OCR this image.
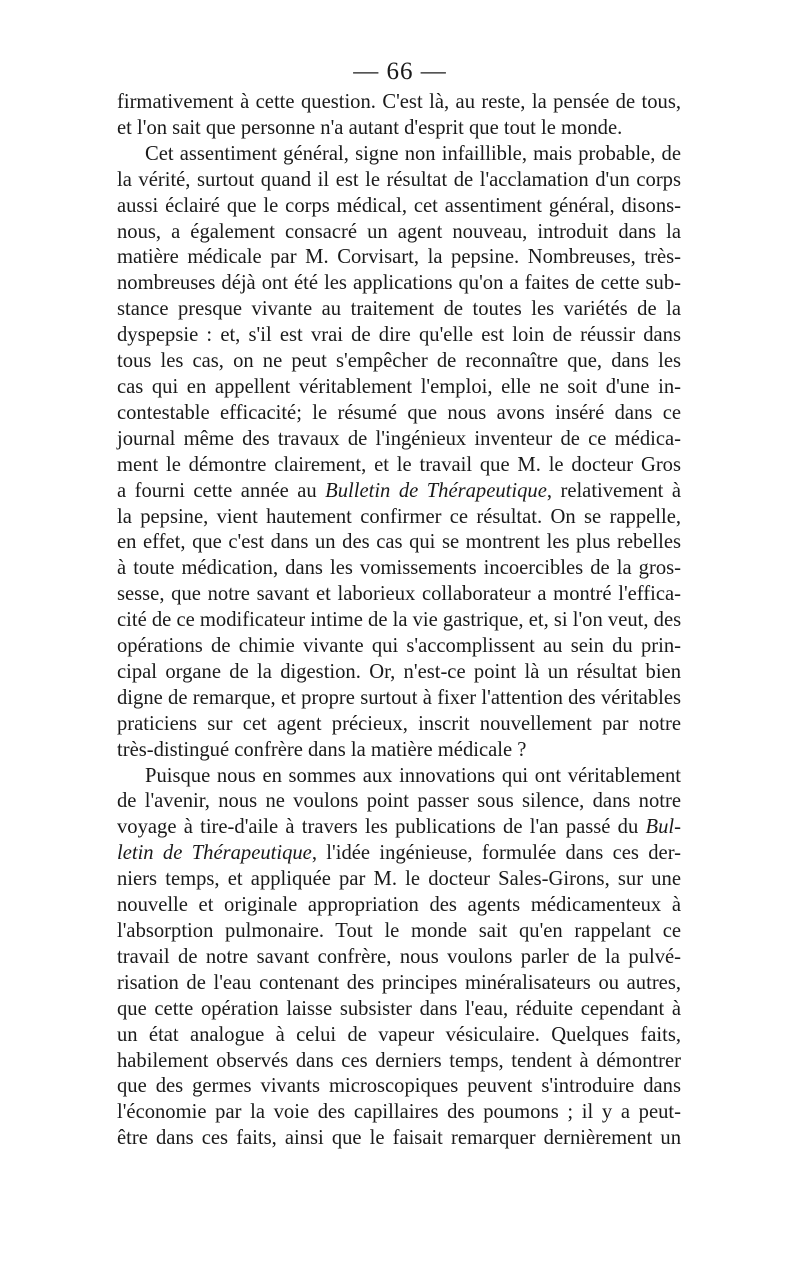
— 66 —
firmativement à cette question. C'est là, au reste, la pensée de tous,
et l'on sait que personne n'a autant d'esprit que tout le monde.
Cet assentiment général, signe non infaillible, mais probable, de
la vérité, surtout quand il est le résultat de l'acclamation d'un corps
aussi éclairé que le corps médical, cet assentiment général, disons-
nous, a également consacré un agent nouveau, introduit dans la
matière médicale par M. Corvisart, la pepsine. Nombreuses, très-
nombreuses déjà ont été les applications qu'on a faites de cette sub-
stance presque vivante au traitement de toutes les variétés de la
dyspepsie : et, s'il est vrai de dire qu'elle est loin de réussir dans
tous les cas, on ne peut s'empêcher de reconnaître que, dans les
cas qui en appellent véritablement l'emploi, elle ne soit d'une in-
contestable efficacité; le résumé que nous avons inséré dans ce
journal même des travaux de l'ingénieux inventeur de ce médica-
ment le démontre clairement, et le travail que M. le docteur Gros
a fourni cette année au Bulletin de Thérapeutique, relativement à
la pepsine, vient hautement confirmer ce résultat. On se rappelle,
en effet, que c'est dans un des cas qui se montrent les plus rebelles
à toute médication, dans les vomissements incoercibles de la gros-
sesse, que notre savant et laborieux collaborateur a montré l'effica-
cité de ce modificateur intime de la vie gastrique, et, si l'on veut, des
opérations de chimie vivante qui s'accomplissent au sein du prin-
cipal organe de la digestion. Or, n'est-ce point là un résultat bien
digne de remarque, et propre surtout à fixer l'attention des véritables
praticiens sur cet agent précieux, inscrit nouvellement par notre
très-distingué confrère dans la matière médicale ?
Puisque nous en sommes aux innovations qui ont véritablement
de l'avenir, nous ne voulons point passer sous silence, dans notre
voyage à tire-d'aile à travers les publications de l'an passé du Bul-
letin de Thérapeutique, l'idée ingénieuse, formulée dans ces der-
niers temps, et appliquée par M. le docteur Sales-Girons, sur une
nouvelle et originale appropriation des agents médicamenteux à
l'absorption pulmonaire. Tout le monde sait qu'en rappelant ce
travail de notre savant confrère, nous voulons parler de la pulvé-
risation de l'eau contenant des principes minéralisateurs ou autres,
que cette opération laisse subsister dans l'eau, réduite cependant à
un état analogue à celui de vapeur vésiculaire. Quelques faits,
habilement observés dans ces derniers temps, tendent à démontrer
que des germes vivants microscopiques peuvent s'introduire dans
l'économie par la voie des capillaires des poumons ; il y a peut-
être dans ces faits, ainsi que le faisait remarquer dernièrement un
